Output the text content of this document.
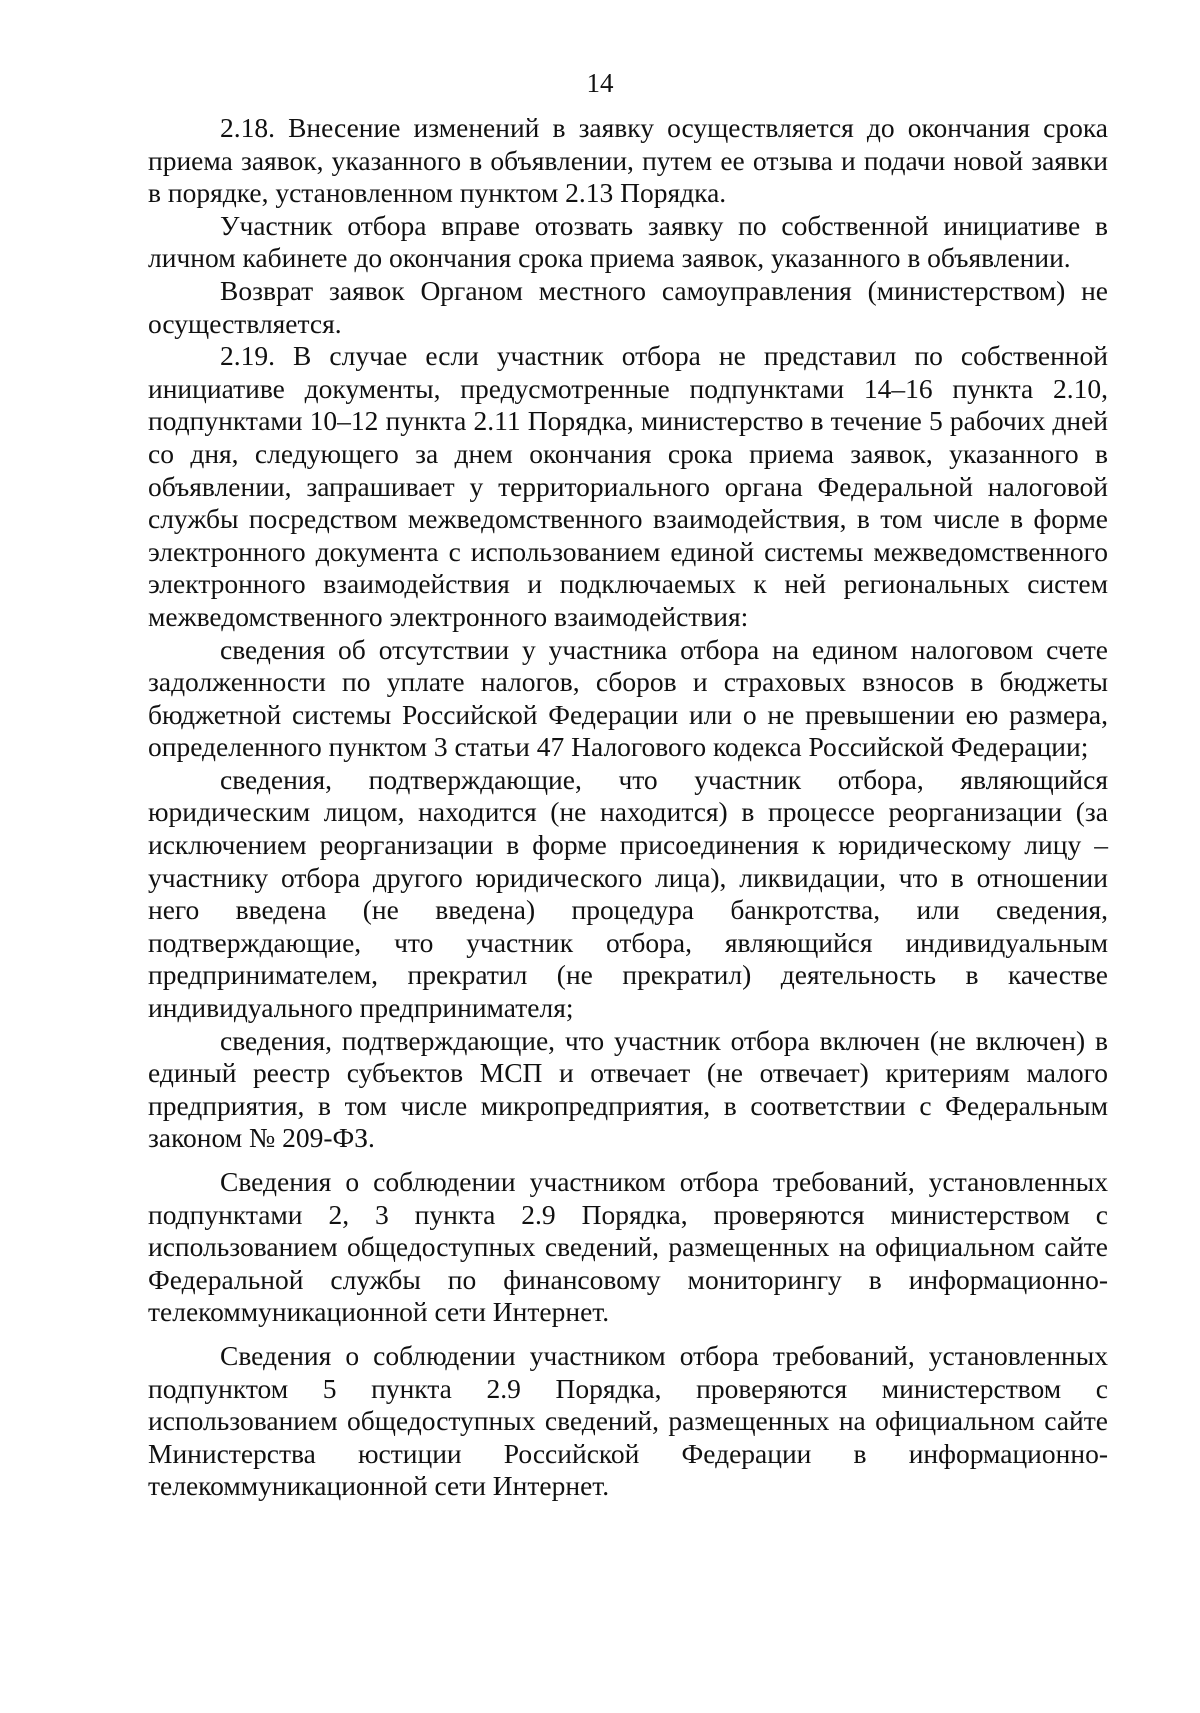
14

2.18. Внесение изменений в заявку осуществляется до окончания срока приема заявок, указанного в объявлении, путем ее отзыва и подачи новой заявки в порядке, установленном пунктом 2.13 Порядка.

Участник отбора вправе отозвать заявку по собственной инициативе в личном кабинете до окончания срока приема заявок, указанного в объявлении.

Возврат заявок Органом местного самоуправления (министерством) не осуществляется.

2.19. В случае если участник отбора не представил по собственной инициативе документы, предусмотренные подпунктами 14–16 пункта 2.10, подпунктами 10–12 пункта 2.11 Порядка, министерство в течение 5 рабочих дней со дня, следующего за днем окончания срока приема заявок, указанного в объявлении, запрашивает у территориального органа Федеральной налоговой службы посредством межведомственного взаимодействия, в том числе в форме электронного документа с использованием единой системы межведомственного электронного взаимодействия и подключаемых к ней региональных систем межведомственного электронного взаимодействия:

сведения об отсутствии у участника отбора на едином налоговом счете задолженности по уплате налогов, сборов и страховых взносов в бюджеты бюджетной системы Российской Федерации или о не превышении ею размера, определенного пунктом 3 статьи 47 Налогового кодекса Российской Федерации;

сведения, подтверждающие, что участник отбора, являющийся юридическим лицом, находится (не находится) в процессе реорганизации (за исключением реорганизации в форме присоединения к юридическому лицу – участнику отбора другого юридического лица), ликвидации, что в отношении него введена (не введена) процедура банкротства, или сведения, подтверждающие, что участник отбора, являющийся индивидуальным предпринимателем, прекратил (не прекратил) деятельность в качестве индивидуального предпринимателя;

сведения, подтверждающие, что участник отбора включен (не включен) в единый реестр субъектов МСП и отвечает (не отвечает) критериям малого предприятия, в том числе микропредприятия, в соответствии с Федеральным законом № 209-ФЗ.

Сведения о соблюдении участником отбора требований, установленных подпунктами 2, 3 пункта 2.9 Порядка, проверяются министерством с использованием общедоступных сведений, размещенных на официальном сайте Федеральной службы по финансовому мониторингу в информационно-телекоммуникационной сети Интернет.

Сведения о соблюдении участником отбора требований, установленных подпунктом 5 пункта 2.9 Порядка, проверяются министерством с использованием общедоступных сведений, размещенных на официальном сайте Министерства юстиции Российской Федерации в информационно-телекоммуникационной сети Интернет.
